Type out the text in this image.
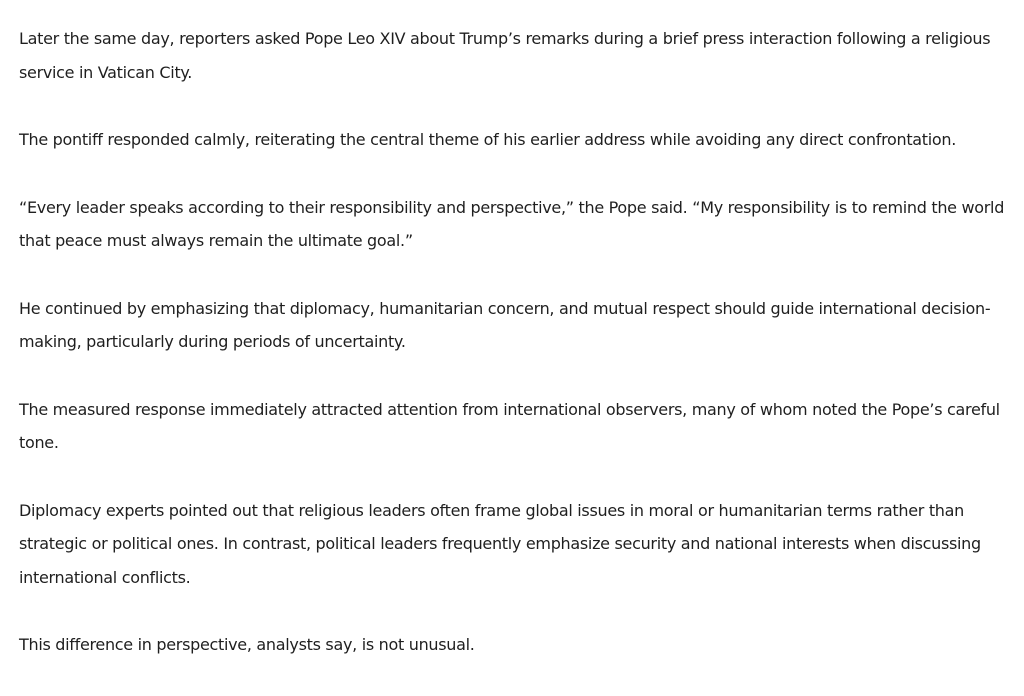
Later the same day, reporters asked Pope Leo XIV about Trump’s remarks during a brief press interaction following a religious service in Vatican City.

The pontiff responded calmly, reiterating the central theme of his earlier address while avoiding any direct confrontation.

“Every leader speaks according to their responsibility and perspective,” the Pope said. “My responsibility is to remind the world that peace must always remain the ultimate goal.”

He continued by emphasizing that diplomacy, humanitarian concern, and mutual respect should guide international decision-making, particularly during periods of uncertainty.

The measured response immediately attracted attention from international observers, many of whom noted the Pope’s careful tone.

Diplomacy experts pointed out that religious leaders often frame global issues in moral or humanitarian terms rather than strategic or political ones. In contrast, political leaders frequently emphasize security and national interests when discussing international conflicts.

This difference in perspective, analysts say, is not unusual.
